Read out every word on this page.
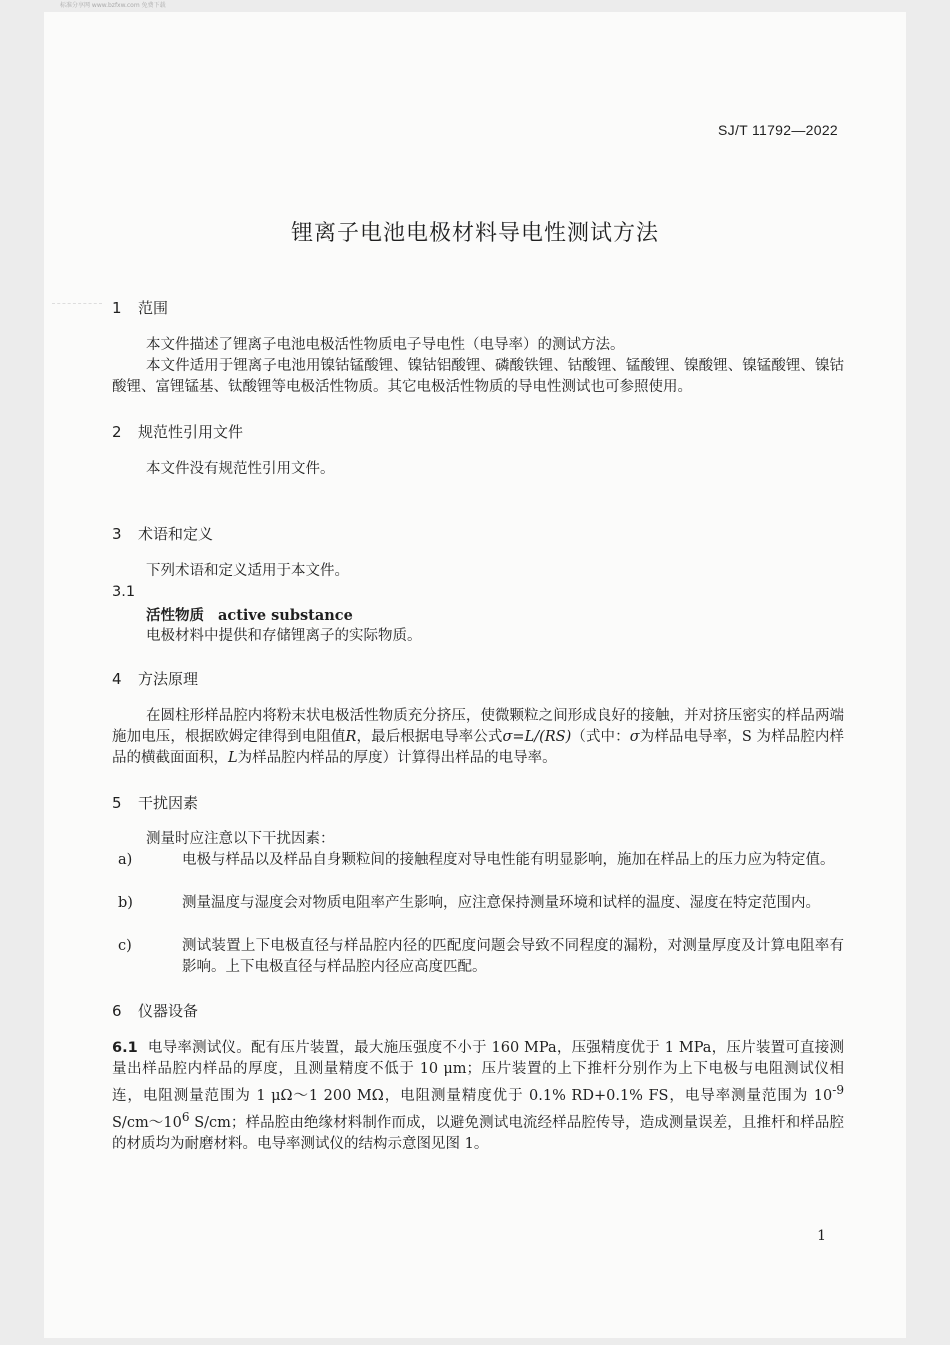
标准分享网 www.bzfxw.com 免费下载
SJ/T 11792—2022
锂离子电池电极材料导电性测试方法
1 范围
本文件描述了锂离子电池电极活性物质电子导电性（电导率）的测试方法。
本文件适用于锂离子电池用镍钴锰酸锂、镍钴铝酸锂、磷酸铁锂、钴酸锂、锰酸锂、镍酸锂、镍锰酸锂、镍钴酸锂、富锂锰基、钛酸锂等电极活性物质。其它电极活性物质的导电性测试也可参照使用。
2 规范性引用文件
本文件没有规范性引用文件。
3 术语和定义
下列术语和定义适用于本文件。
3.1
活性物质 active substance
电极材料中提供和存储锂离子的实际物质。
4 方法原理
在圆柱形样品腔内将粉末状电极活性物质充分挤压，使微颗粒之间形成良好的接触，并对挤压密实的样品两端施加电压，根据欧姆定律得到电阻值R，最后根据电导率公式σ=L/(RS)（式中：σ为样品电导率，S 为样品腔内样品的横截面面积，L为样品腔内样品的厚度）计算得出样品的电导率。
5 干扰因素
测量时应注意以下干扰因素：
a)	电极与样品以及样品自身颗粒间的接触程度对导电性能有明显影响，施加在样品上的压力应为特定值。
b)	测量温度与湿度会对物质电阻率产生影响，应注意保持测量环境和试样的温度、湿度在特定范围内。
c)	测试装置上下电极直径与样品腔内径的匹配度问题会导致不同程度的漏粉，对测量厚度及计算电阻率有影响。上下电极直径与样品腔内径应高度匹配。
6 仪器设备
6.1 电导率测试仪。配有压片装置，最大施压强度不小于 160 MPa，压强精度优于 1 MPa，压片装置可直接测量出样品腔内样品的厚度，且测量精度不低于 10 μm；压片装置的上下推杆分别作为上下电极与电阻测试仪相连，电阻测量范围为 1 μΩ～1 200 MΩ，电阻测量精度优于 0.1% RD+0.1% FS，电导率测量范围为 $10^{-9}$ $S/cm\sim 10^6$ S/cm；样品腔由绝缘材料制作而成，以避免测试电流经样品腔传导，造成测量误差，且推杆和样品腔的材质均为耐磨材料。电导率测试仪的结构示意图见图 1。
1
